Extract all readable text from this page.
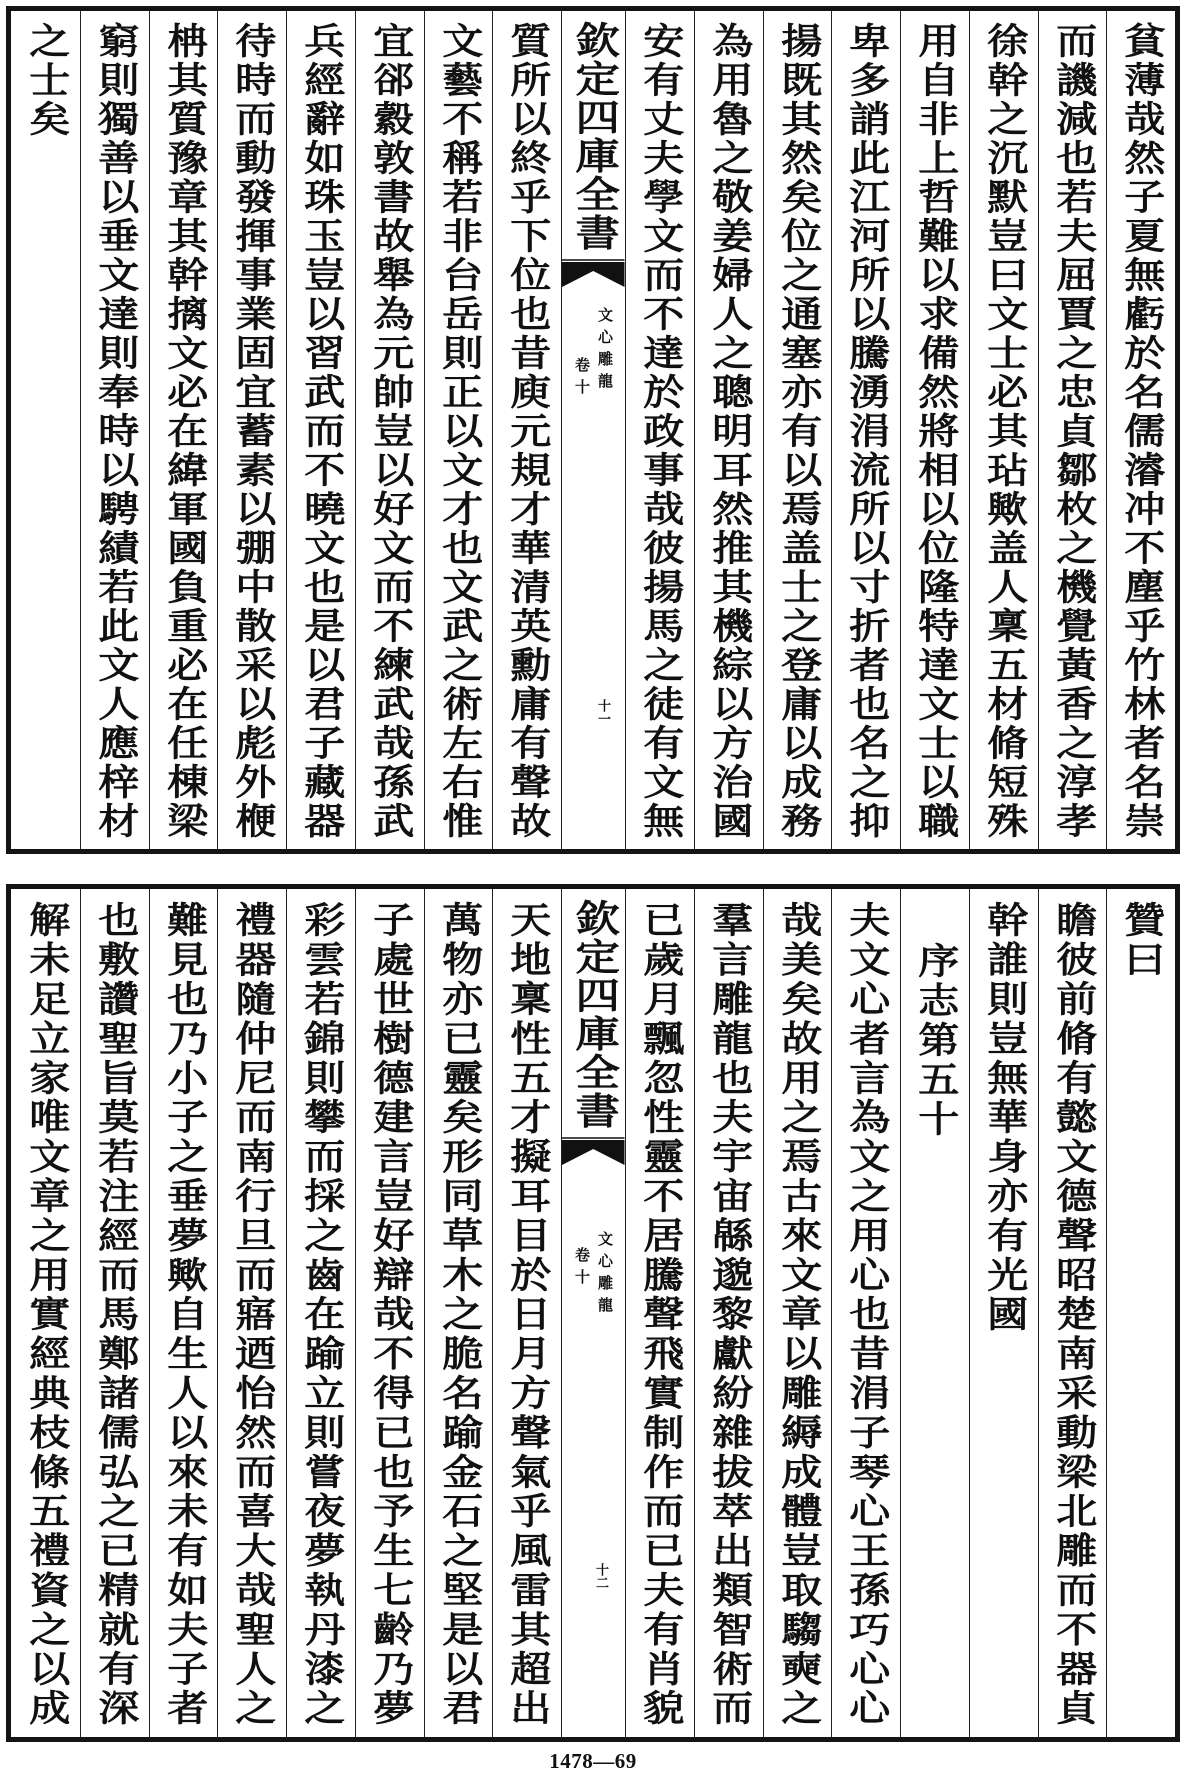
貧薄哉然子夏無虧於名儒濬冲不塵乎竹林者名崇
而譏減也若夫屈賈之忠貞鄒枚之機覺黃香之淳孝
徐幹之沉默豈曰文士必其玷歟盖人稟五材脩短殊
用自非上哲難以求備然將相以位隆特達文士以職
卑多誚此江河所以騰湧涓流所以寸折者也名之抑
揚既其然矣位之通塞亦有以焉盖士之登庸以成務
為用魯之敬姜婦人之聰明耳然推其機綜以方治國
安有丈夫學文而不達於政事哉彼揚馬之徒有文無
欽定四庫全書
文心雕龍
卷十
十一
質所以終乎下位也昔庾元規才華清英勳庸有聲故
文藝不稱若非台岳則正以文才也文武之術左右惟
宜郤縠敦書故舉為元帥豈以好文而不練武哉孫武
兵經辭如珠玉豈以習武而不曉文也是以君子藏器
待時而動發揮事業固宜蓄素以弸中散采以彪外楩
柟其質豫章其幹摛文必在緯軍國負重必在任棟梁
窮則獨善以垂文達則奉時以騁績若此文人應梓材
之士矣
贊曰
瞻彼前脩有懿文德聲昭楚南采動梁北雕而不器貞
幹誰則豈無華身亦有光國
序志第五十
夫文心者言為文之用心也昔涓子琴心王孫巧心心
哉美矣故用之焉古來文章以雕縟成體豈取騶奭之
羣言雕龍也夫宇宙緜邈黎獻紛雜拔萃出類智術而
已歲月飄忽性靈不居騰聲飛實制作而已夫有肖貌
欽定四庫全書
文心雕龍
卷十
十二
天地稟性五才擬耳目於日月方聲氣乎風雷其超出
萬物亦已靈矣形同草木之脆名踰金石之堅是以君
子處世樹德建言豈好辯哉不得已也予生七齡乃夢
彩雲若錦則攀而採之齒在踰立則嘗夜夢執丹漆之
禮器隨仲尼而南行旦而寤迺怡然而喜大哉聖人之
難見也乃小子之垂夢歟自生人以來未有如夫子者
也敷讚聖旨莫若注經而馬鄭諸儒弘之已精就有深
解未足立家唯文章之用實經典枝條五禮資之以成
1478—69
